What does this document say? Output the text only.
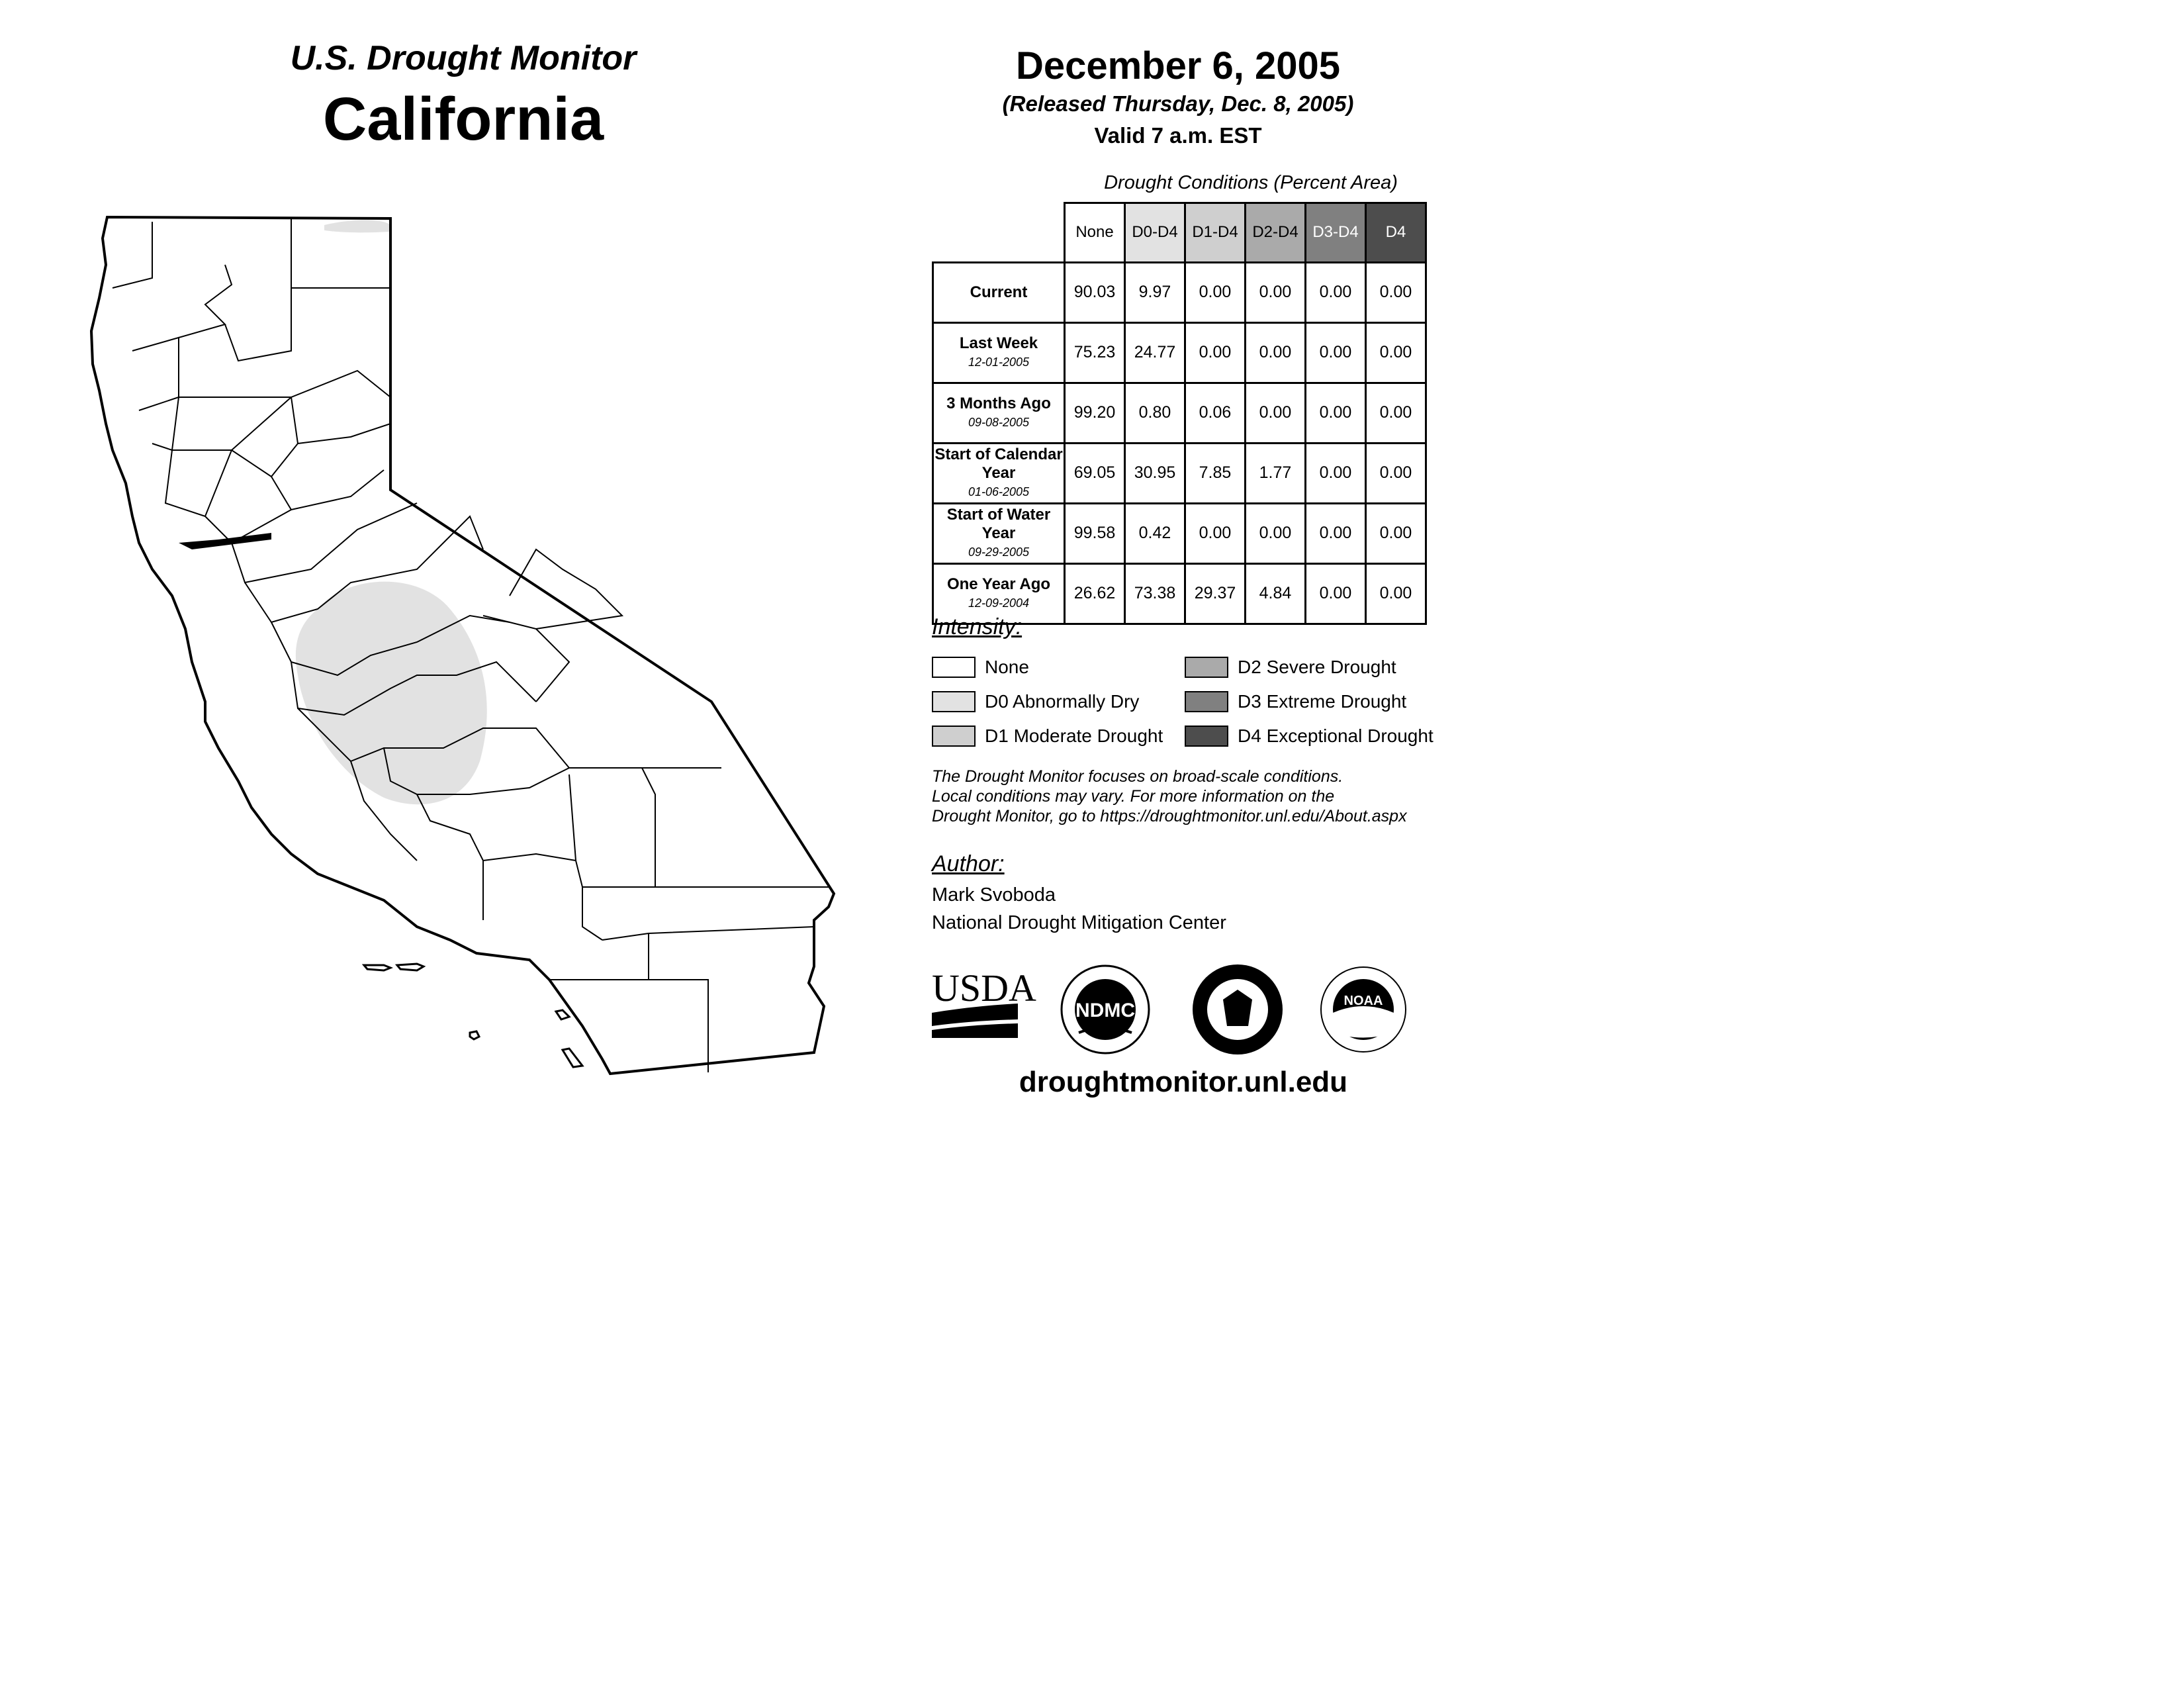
U.S. Drought Monitor
California
December 6, 2005
(Released Thursday, Dec. 8, 2005)
Valid 7 a.m. EST
Drought Conditions (Percent Area)
	None	D0-D4	D1-D4	D2-D4	D3-D4	D4

Current	90.03	9.97	0.00	0.00	0.00	0.00

Last Week
12-01-2005	75.23	24.77	0.00	0.00	0.00	0.00

3 Months Ago
09-08-2005	99.20	0.80	0.06	0.00	0.00	0.00

Start of Calendar Year
01-06-2005	69.05	30.95	7.85	1.77	0.00	0.00

Start of Water Year
09-29-2005	99.58	0.42	0.00	0.00	0.00	0.00

One Year Ago
12-09-2004	26.62	73.38	29.37	4.84	0.00	0.00
Intensity:
None
D0 Abnormally Dry
D1 Moderate Drought
D2 Severe Drought
D3 Extreme Drought
D4 Exceptional Drought
The Drought Monitor focuses on broad-scale conditions.
Local conditions may vary. For more information on the
Drought Monitor, go to https://droughtmonitor.unl.edu/About.aspx
Author:
Mark Svoboda
National Drought Mitigation Center
USDA
NDMC	NOAA
droughtmonitor.unl.edu
